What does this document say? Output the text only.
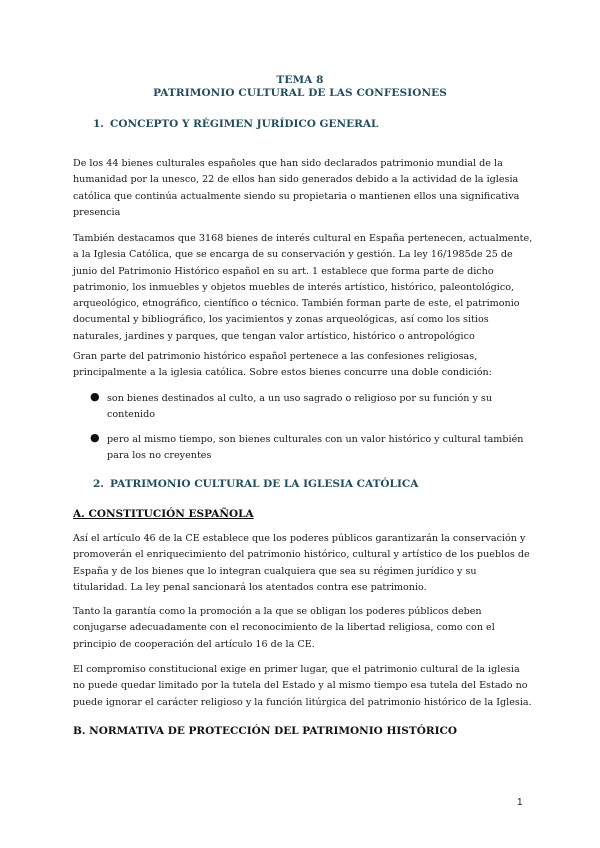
TEMA 8
PATRIMONIO CULTURAL DE LAS CONFESIONES
1. CONCEPTO Y RÉGIMEN JURÍDICO GENERAL
De los 44 bienes culturales españoles que han sido declarados patrimonio mundial de la humanidad por la unesco, 22 de ellos han sido generados debido a la actividad de la iglesia católica que continúa actualmente siendo su propietaria o mantienen ellos una significativa presencia
También destacamos que 3168 bienes de interés cultural en España pertenecen, actualmente, a la Iglesia Católica, que se encarga de su conservación y gestión. La ley 16/1985de 25 de junio del Patrimonio Histórico español en su art. 1 establece que forma parte de dicho patrimonio, los inmuebles y objetos muebles de interés artístico, histórico, paleontológico, arqueológico, etnográfico, científico o técnico. También forman parte de este, el patrimonio documental y bibliográfico, los yacimientos y zonas arqueológicas, así como los sitios naturales, jardines y parques, que tengan valor artístico, histórico o antropológico
Gran parte del patrimonio histórico español pertenece a las confesiones religiosas, principalmente a la iglesia católica. Sobre estos bienes concurre una doble condición:
● son bienes destinados al culto, a un uso sagrado o religioso por su función y su contenido
● pero al mismo tiempo, son bienes culturales con un valor histórico y cultural también para los no creyentes
2. PATRIMONIO CULTURAL DE LA IGLESIA CATÓLICA
A. CONSTITUCIÓN ESPAÑOLA
Así el artículo 46 de la CE establece que los poderes públicos garantizarán la conservación y promoverán el enriquecimiento del patrimonio histórico, cultural y artístico de los pueblos de España y de los bienes que lo integran cualquiera que sea su régimen jurídico y su titularidad. La ley penal sancionará los atentados contra ese patrimonio.
Tanto la garantía como la promoción a la que se obligan los poderes públicos deben conjugarse adecuadamente con el reconocimiento de la libertad religiosa, como con el principio de cooperación del artículo 16 de la CE.
El compromiso constitucional exige en primer lugar, que el patrimonio cultural de la iglesia no puede quedar limitado por la tutela del Estado y al mismo tiempo esa tutela del Estado no puede ignorar el carácter religioso y la función litúrgica del patrimonio histórico de la Iglesia.
B. NORMATIVA DE PROTECCIÓN DEL PATRIMONIO HISTÓRICO
1
